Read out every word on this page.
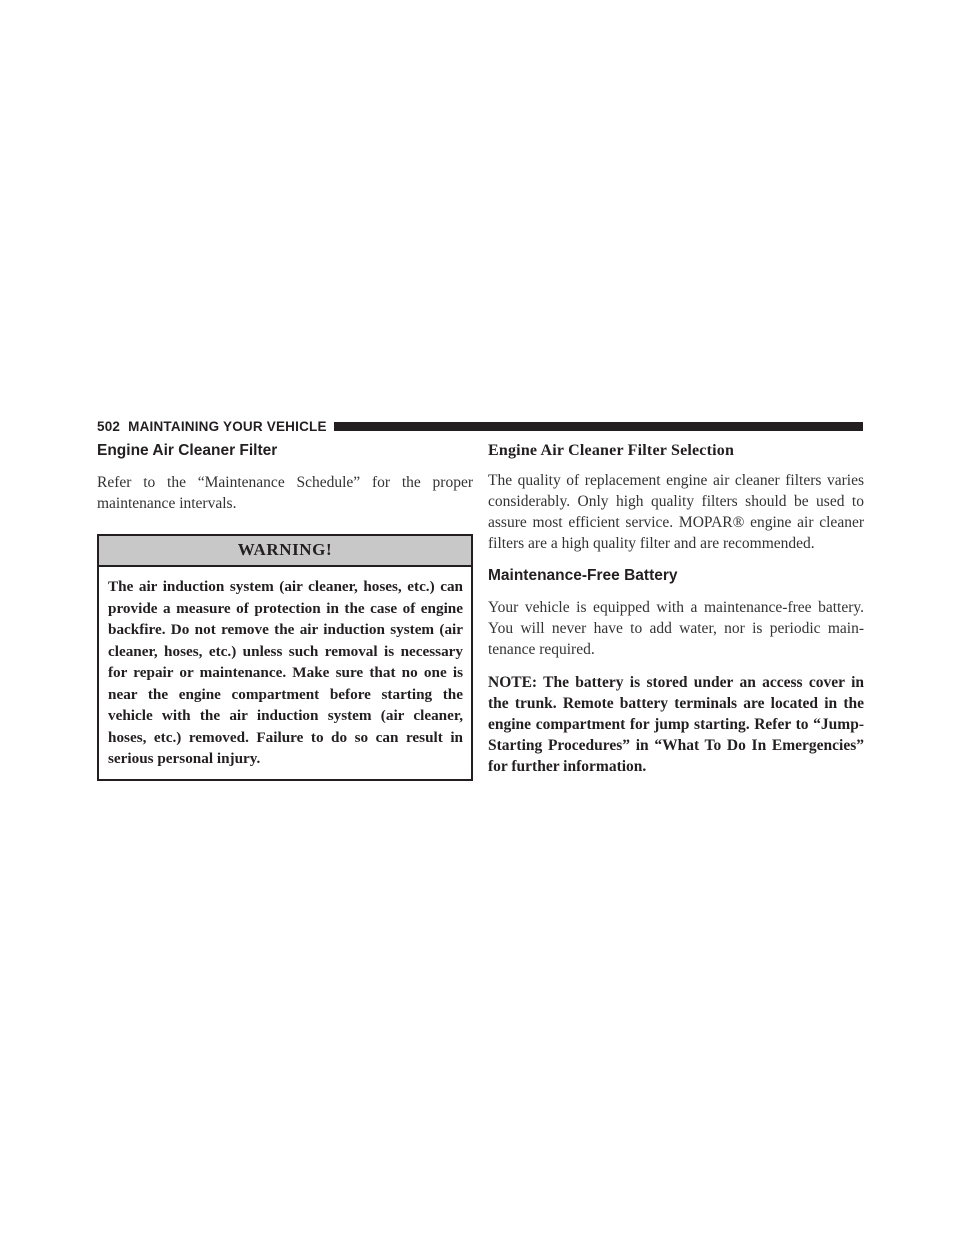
502 MAINTAINING YOUR VEHICLE
Engine Air Cleaner Filter

Refer to the “Maintenance Schedule” for the proper maintenance intervals.

WARNING!
The air induction system (air cleaner, hoses, etc.) can provide a measure of protection in the case of engine backfire. Do not remove the air induction system (air cleaner, hoses, etc.) unless such removal is necessary for repair or maintenance. Make sure that no one is near the engine compartment before starting the vehicle with the air induction system (air cleaner, hoses, etc.) removed. Failure to do so can result in serious personal injury.
Engine Air Cleaner Filter Selection

The quality of replacement engine air cleaner filters varies considerably. Only high quality filters should be used to assure most efficient service. MOPAR® engine air cleaner filters are a high quality filter and are recommended.

Maintenance-Free Battery

Your vehicle is equipped with a maintenance-free battery. You will never have to add water, nor is periodic main- tenance required.

NOTE: The battery is stored under an access cover in the trunk. Remote battery terminals are located in the engine compartment for jump starting. Refer to “Jump- Starting Procedures” in “What To Do In Emergencies” for further information.
